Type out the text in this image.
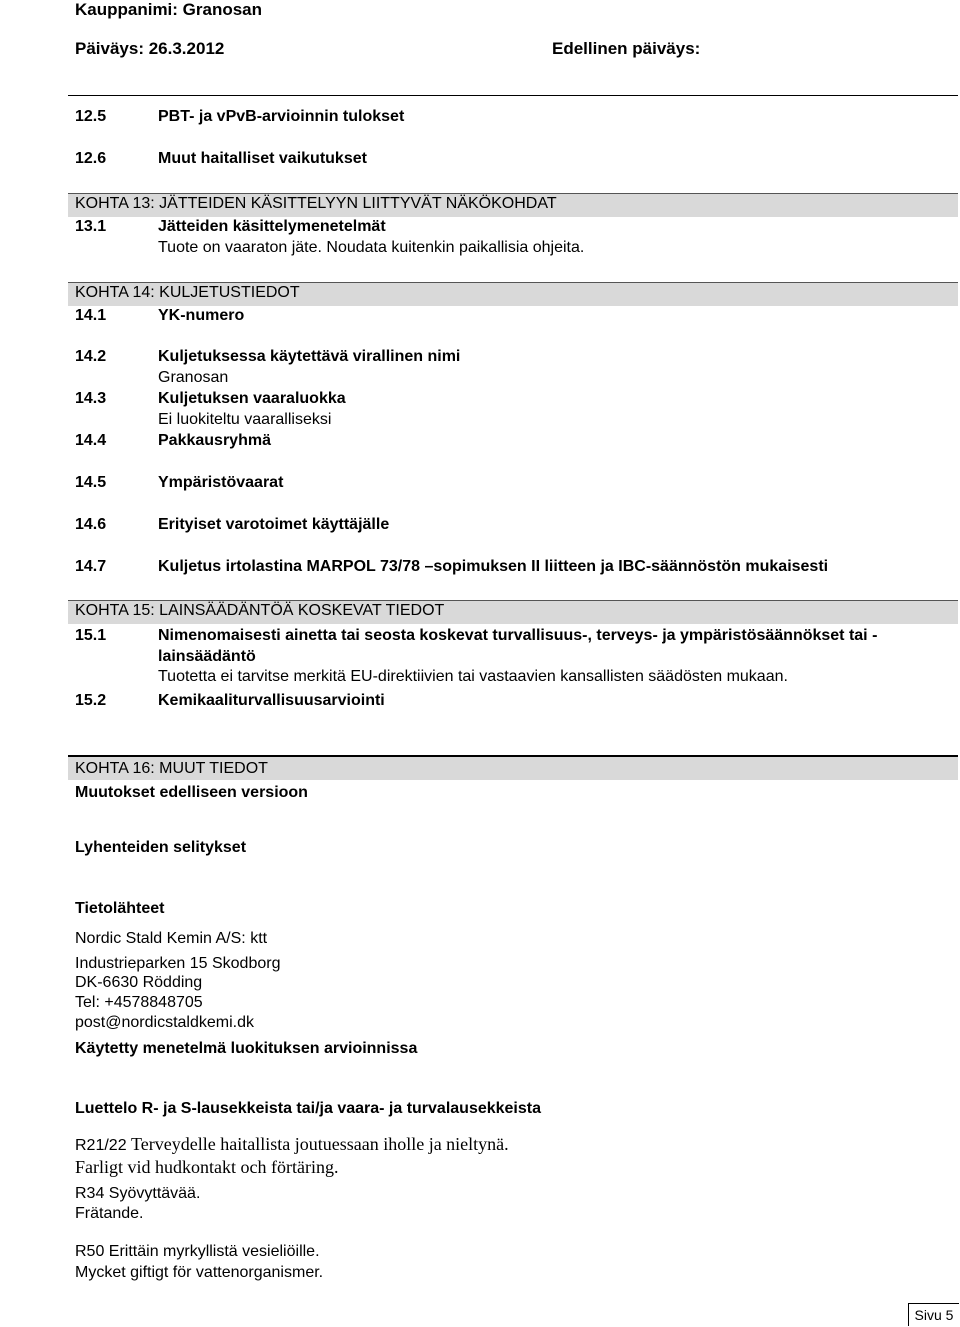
Kauppanimi: Granosan
Päiväys: 26.3.2012	Edellinen päiväys:
12.5	PBT- ja vPvB-arvioinnin tulokset
12.6	Muut haitalliset vaikutukset
KOHTA 13: JÄTTEIDEN KÄSITTELYYN LIITTYVÄT NÄKÖKOHDAT
13.1	Jätteiden käsittelymenetelmät
Tuote on vaaraton jäte. Noudata kuitenkin paikallisia ohjeita.
KOHTA 14: KULJETUSTIEDOT
14.1	YK-numero
14.2	Kuljetuksessa käytettävä virallinen nimi
Granosan
14.3	Kuljetuksen vaaraluokka
Ei luokiteltu vaaralliseksi
14.4	Pakkausryhmä
14.5	Ympäristövaarat
14.6	Erityiset varotoimet käyttäjälle
14.7	Kuljetus irtolastina MARPOL 73/78 –sopimuksen II liitteen ja IBC-säännöstön mukaisesti
KOHTA 15: LAINSÄÄDÄNTÖÄ KOSKEVAT TIEDOT
15.1	Nimenomaisesti ainetta tai seosta koskevat turvallisuus-, terveys- ja ympäristösäännökset tai -
lainsäädäntö
Tuotetta ei tarvitse merkitä EU-direktiivien tai vastaavien kansallisten säädösten mukaan.
15.2	Kemikaaliturvallisuusarviointi
KOHTA 16: MUUT TIEDOT
Muutokset edelliseen versioon
Lyhenteiden selitykset
Tietolähteet
Nordic Stald Kemin A/S: ktt
Industrieparken 15 Skodborg
DK-6630 Rödding
Tel: +4578848705
post@nordicstaldkemi.dk
Käytetty menetelmä luokituksen arvioinnissa
Luettelo R- ja S-lausekkeista tai/ja vaara- ja turvalausekkeista
R21/22 Terveydelle haitallista joutuessaan iholle ja nieltynä.
Farligt vid hudkontakt och förtäring.
R34 Syövyttävää.
Frätande.
R50 Erittäin myrkyllistä vesieliöille.
Mycket giftigt för vattenorganismer.
Sivu 5
